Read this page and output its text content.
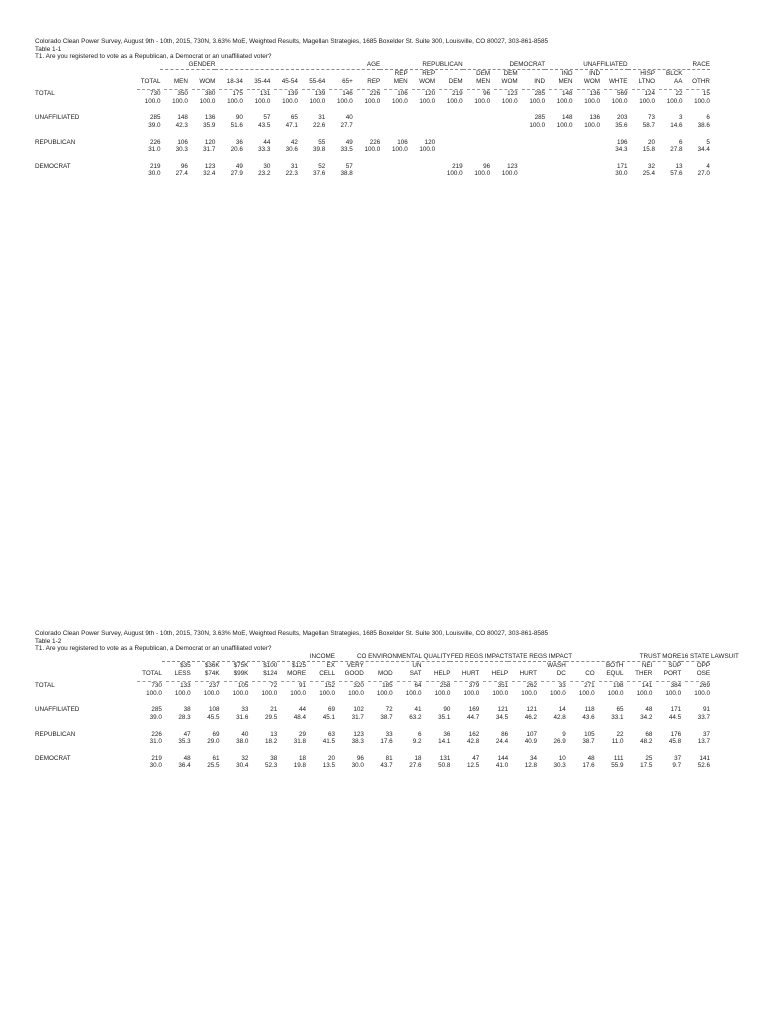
Colorado Clean Power Survey, August 9th - 10th, 2015, 730N, 3.63% MoE, Weighted Results, Magellan Strategies, 1685 Boxelder St. Suite 300, Louisville, CO 80027, 303-861-8585
Table 1-1
T1. Are you registered to vote as a Republican, a Democrat or an unaffiliated voter?

		GENDER		AGE						REPUBLICAN			DEMOCRAT			UNAFFILIATED			RACE		

										REP	REP		DEM	DEM		IND	IND		HISP	BLCK	
	TOTAL	MEN	WOM	18-34	35-44	45-54	55-64	65+	REP	MEN	WOM	DEM	MEN	WOM	IND	MEN	WOM	WHTE	LTNO	AA	OTHR

TOTAL	730	350	380	175	131	139	139	146	226	106	120	219	96	123	285	148	136	569	124	22	15
	100.0	100.0	100.0	100.0	100.0	100.0	100.0	100.0	100.0	100.0	100.0	100.0	100.0	100.0	100.0	100.0	100.0	100.0	100.0	100.0	100.0

UNAFFILIATED	285	148	136	90	57	65	31	40							285	148	136	203	73	3	6
	39.0	42.3	35.9	51.6	43.5	47.1	22.6	27.7							100.0	100.0	100.0	35.6	58.7	14.6	38.6

REPUBLICAN	226	106	120	36	44	42	55	49	226	106	120							196	20	6	5
	31.0	30.3	31.7	20.6	33.3	30.6	39.8	33.5	100.0	100.0	100.0							34.3	15.8	27.8	34.4

DEMOCRAT	219	96	123	49	30	31	52	57				219	96	123				171	32	13	4
	30.0	27.4	32.4	27.9	23.2	22.3	37.6	38.8				100.0	100.0	100.0				30.0	25.4	57.6	27.0
Colorado Clean Power Survey, August 9th - 10th, 2015, 730N, 3.63% MoE, Weighted Results, Magellan Strategies, 1685 Boxelder St. Suite 300, Louisville, CO 80027, 303-861-8585
Table 1-2
T1. Are you registered to vote as a Republican, a Democrat or an unaffiliated voter?

		INCOME						CO ENVIRONMENTAL QUALITY				FED REGS IMPACT		STATE REGS IMPACT		TRUST MORE				16 STATE LAWSUIT

		$35	$36K	$75K	$100	$125	EX	VERY		UN					WASH		BOTH	NEI	SUP	OPP
	TOTAL	LESS	$74K	$99K	$124	MORE	CELL	GOOD	MOD	SAT	HELP	HURT	HELP	HURT	DC	CO	EQUL	THER	PORT	OSE

TOTAL	730	133	237	105	72	91	152	320	185	64	258	379	351	262	33	271	198	141	384	269
	100.0	100.0	100.0	100.0	100.0	100.0	100.0	100.0	100.0	100.0	100.0	100.0	100.0	100.0	100.0	100.0	100.0	100.0	100.0	100.0

UNAFFILIATED	285	38	108	33	21	44	69	102	72	41	90	169	121	121	14	118	65	48	171	91
	39.0	28.3	45.5	31.6	29.5	48.4	45.1	31.7	38.7	63.2	35.1	44.7	34.5	46.2	42.8	43.6	33.1	34.2	44.5	33.7

REPUBLICAN	226	47	69	40	13	29	63	123	33	6	36	162	86	107	9	105	22	68	176	37
	31.0	35.3	29.0	38.0	18.2	31.8	41.5	38.3	17.6	9.2	14.1	42.8	24.4	40.9	26.9	38.7	11.0	48.2	45.8	13.7

DEMOCRAT	219	48	61	32	38	18	20	96	81	18	131	47	144	34	10	48	111	25	37	141
	30.0	36.4	25.5	30.4	52.3	19.8	13.5	30.0	43.7	27.6	50.8	12.5	41.0	12.8	30.3	17.6	55.9	17.5	9.7	52.6
